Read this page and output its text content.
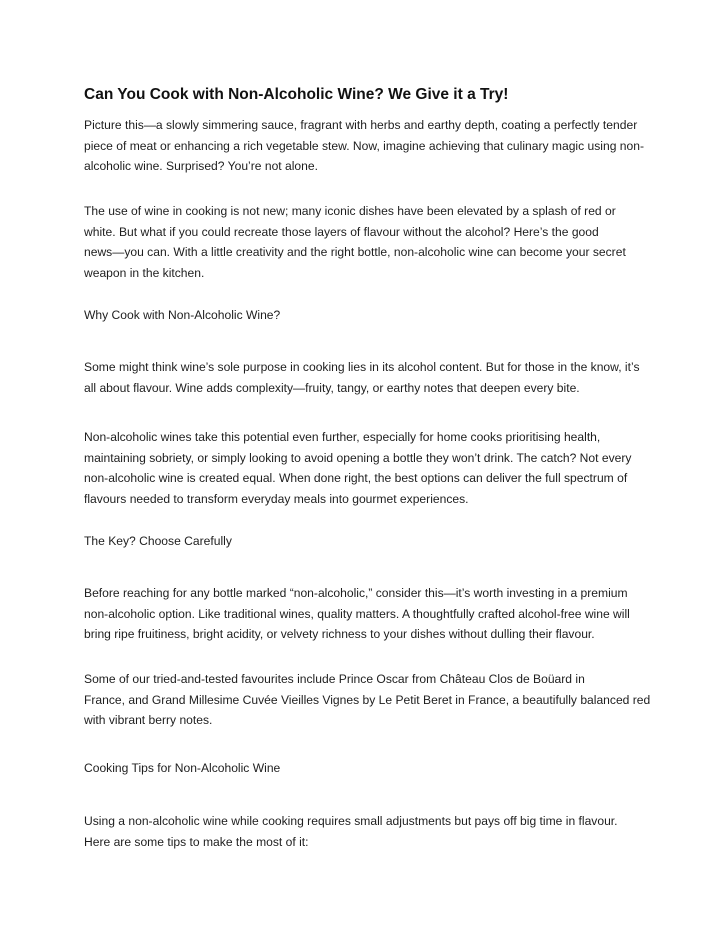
Can You Cook with Non-Alcoholic Wine? We Give it a Try!

Picture this—a slowly simmering sauce, fragrant with herbs and earthy depth, coating a perfectly tender
piece of meat or enhancing a rich vegetable stew. Now, imagine achieving that culinary magic using non-
alcoholic wine. Surprised? You’re not alone.

The use of wine in cooking is not new; many iconic dishes have been elevated by a splash of red or
white. But what if you could recreate those layers of flavour without the alcohol? Here’s the good
news—you can. With a little creativity and the right bottle, non-alcoholic wine can become your secret
weapon in the kitchen.

Why Cook with Non-Alcoholic Wine?

Some might think wine’s sole purpose in cooking lies in its alcohol content. But for those in the know, it’s
all about flavour. Wine adds complexity—fruity, tangy, or earthy notes that deepen every bite.

Non-alcoholic wines take this potential even further, especially for home cooks prioritising health,
maintaining sobriety, or simply looking to avoid opening a bottle they won’t drink. The catch? Not every
non-alcoholic wine is created equal. When done right, the best options can deliver the full spectrum of
flavours needed to transform everyday meals into gourmet experiences.

The Key? Choose Carefully

Before reaching for any bottle marked “non-alcoholic,” consider this—it’s worth investing in a premium
non-alcoholic option. Like traditional wines, quality matters. A thoughtfully crafted alcohol-free wine will
bring ripe fruitiness, bright acidity, or velvety richness to your dishes without dulling their flavour.

Some of our tried-and-tested favourites include Prince Oscar from Château Clos de Boüard in
France, and Grand Millesime Cuvée Vieilles Vignes by Le Petit Beret in France, a beautifully balanced red
with vibrant berry notes.

Cooking Tips for Non-Alcoholic Wine

Using a non-alcoholic wine while cooking requires small adjustments but pays off big time in flavour.
Here are some tips to make the most of it:
